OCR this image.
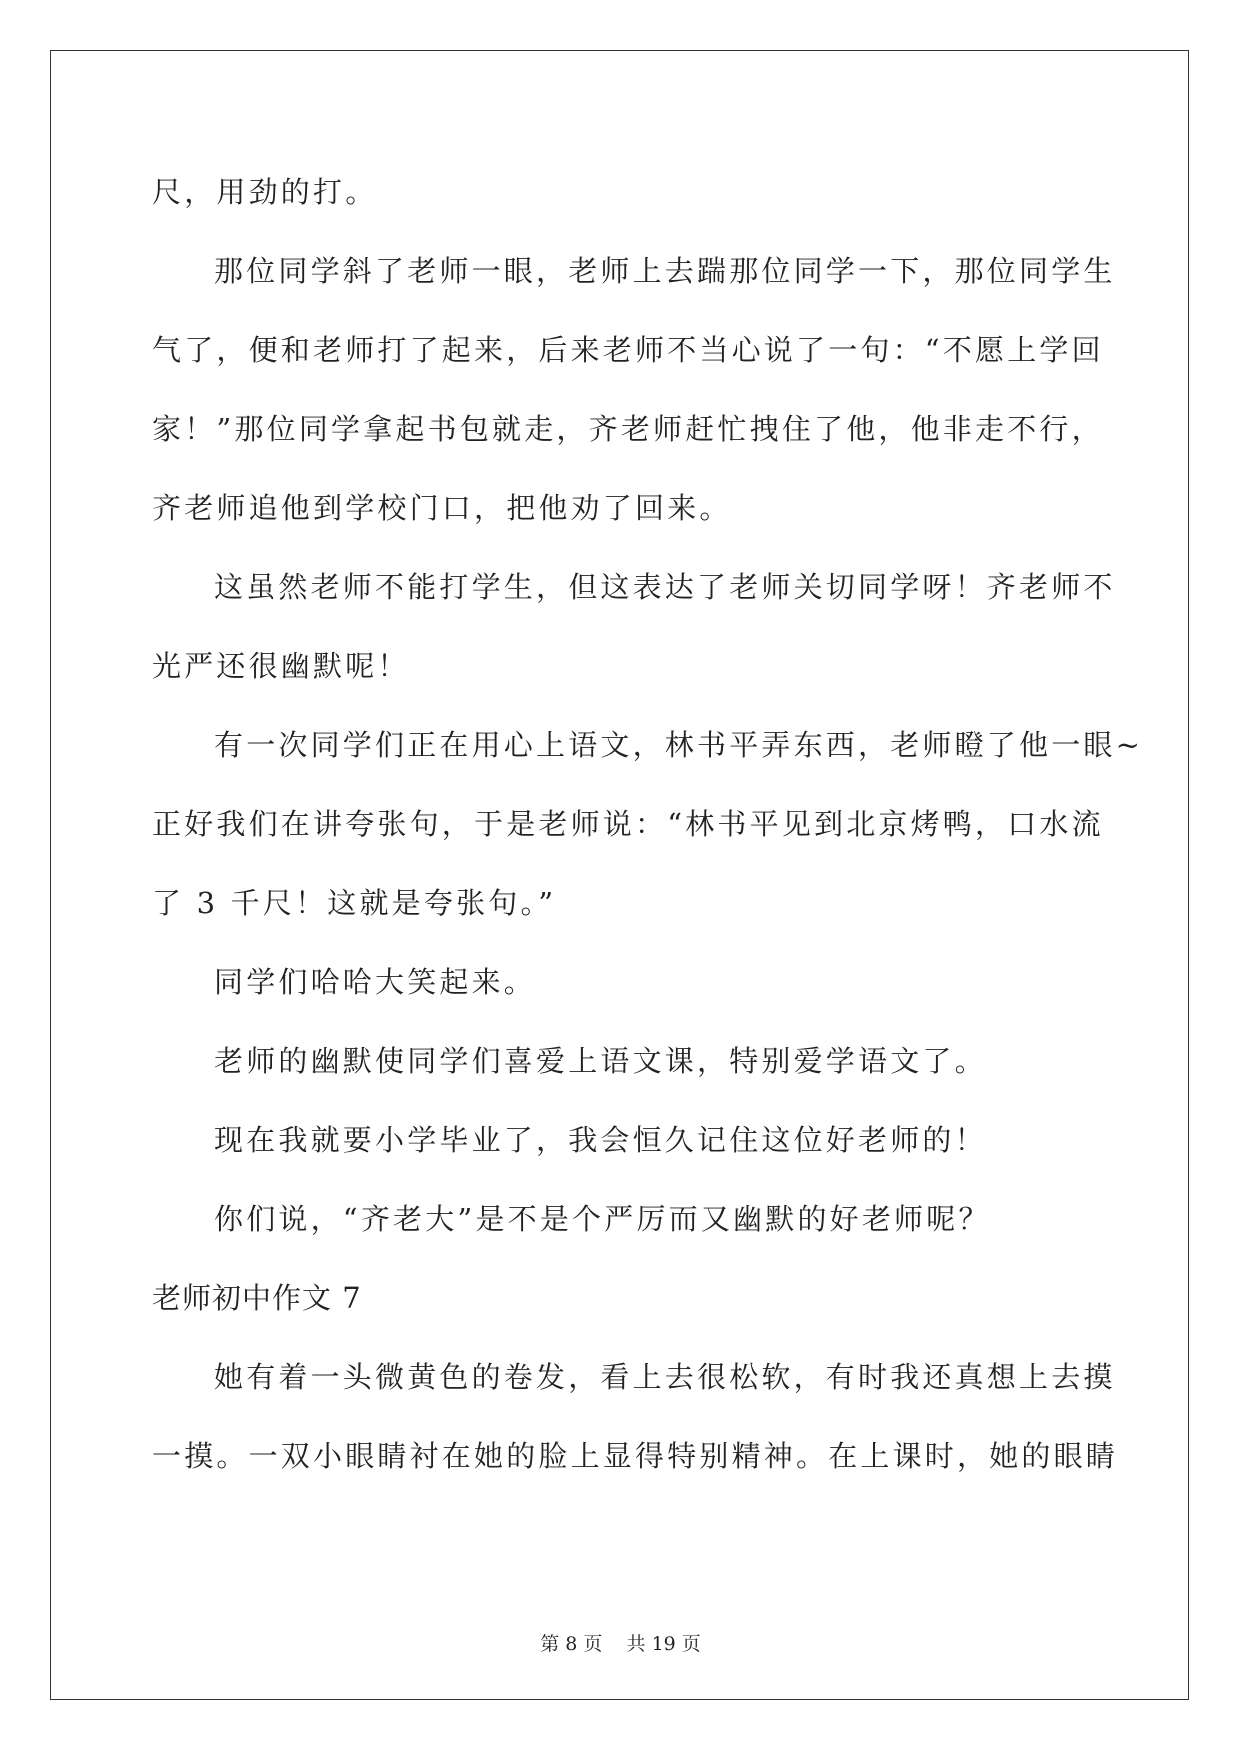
尺，用劲的打。

那位同学斜了老师一眼，老师上去踹那位同学一下，那位同学生

气了，便和老师打了起来，后来老师不当心说了一句：“不愿上学回

家！”那位同学拿起书包就走，齐老师赶忙拽住了他，他非走不行，

齐老师追他到学校门口，把他劝了回来。

这虽然老师不能打学生，但这表达了老师关切同学呀！齐老师不

光严还很幽默呢！

有一次同学们正在用心上语文，林书平弄东西，老师瞪了他一眼~

正好我们在讲夸张句，于是老师说：“林书平见到北京烤鸭，口水流

了 3 千尺！这就是夸张句。”

同学们哈哈大笑起来。

老师的幽默使同学们喜爱上语文课，特别爱学语文了。

现在我就要小学毕业了，我会恒久记住这位好老师的！

你们说，“齐老大”是不是个严厉而又幽默的好老师呢？

老师初中作文 7

她有着一头微黄色的卷发，看上去很松软，有时我还真想上去摸

一摸。一双小眼睛衬在她的脸上显得特别精神。在上课时，她的眼睛

第 8 页    共 19 页
